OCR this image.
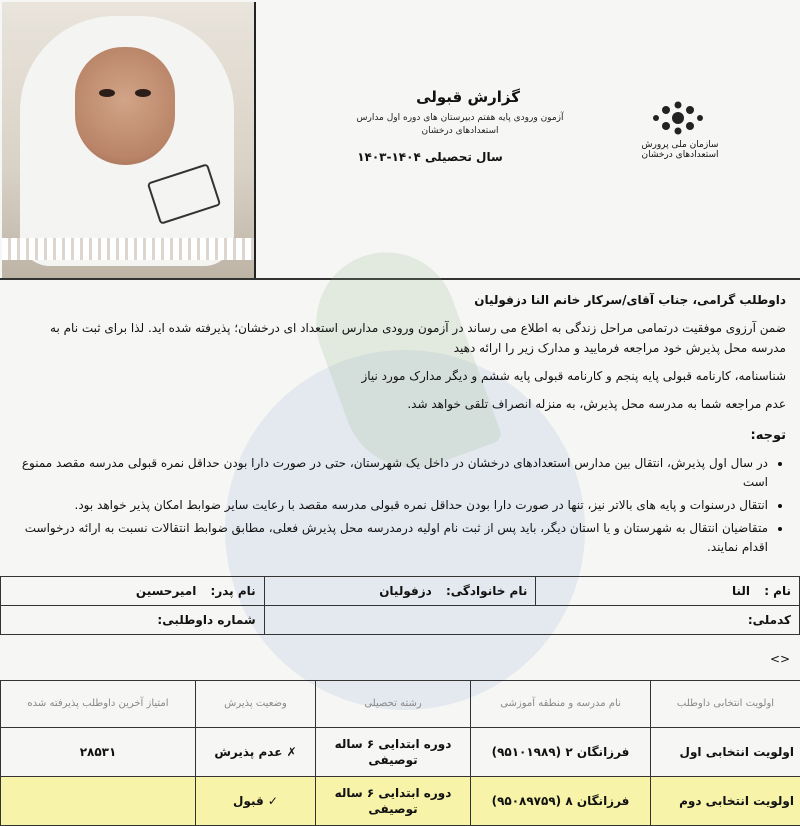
گزارش قبولی
آزمون ورودی پایه هفتم دبیرستان های دوره اول مدارس استعدادهای درخشان
سال تحصیلی ۱۴۰۴-۱۴۰۳
سازمان ملی پرورش استعدادهای درخشان
داوطلب گرامی، جناب آقای/سرکار خانم النا دزفولیان
ضمن آرزوی موفقیت درتمامی مراحل زندگی به اطلاع می رساند در آزمون ورودی مدارس استعداد ای درخشان؛ پذیرفته شده اید. لذا برای ثبت نام به مدرسه محل پذیرش خود مراجعه فرمایید و مدارک زیر را ارائه دهید
شناسنامه، کارنامه قبولی پایه پنجم و کارنامه قبولی پایه ششم و دیگر مدارک مورد نیاز
عدم مراجعه شما به مدرسه محل پذیرش، به منزله انصراف تلقی خواهد شد.
توجه:
• در سال اول پذیرش، انتقال بین مدارس استعدادهای درخشان در داخل یک شهرستان، حتی در صورت دارا بودن حداقل نمره قبولی مدرسه مقصد ممنوع است
• انتقال درسنوات و پایه های بالاتر نیز، تنها در صورت دارا بودن حداقل نمره قبولی مدرسه مقصد با رعایت سایر ضوابط امکان پذیر خواهد بود.
• متقاضیان انتقال به شهرستان و یا استان دیگر، باید پس از ثبت نام اولیه درمدرسه محل پذیرش فعلی، مطابق ضوابط انتقالات نسبت به ارائه درخواست اقدام نمایند.
نام : النا	نام خانوادگی: دزفولیان	نام پدر: امیرحسین
کدملی:		شماره داوطلبی:
<>
اولویت انتخابی داوطلب	نام مدرسه و منطقه آموزشی	رشته تحصیلی	وضعیت پذیرش	امتیاز آخرین داوطلب پذیرفته شده
اولویت انتخابی اول	فرزانگان ۲ (۹۵۱۰۱۹۸۹)	دوره ابتدایی ۶ ساله توصیفی	✗ عدم پذیرش	۲۸۵۳۱
اولویت انتخابی دوم	فرزانگان ۸ (۹۵۰۸۹۷۵۹)	دوره ابتدایی ۶ ساله توصیفی	✓ قبول	
